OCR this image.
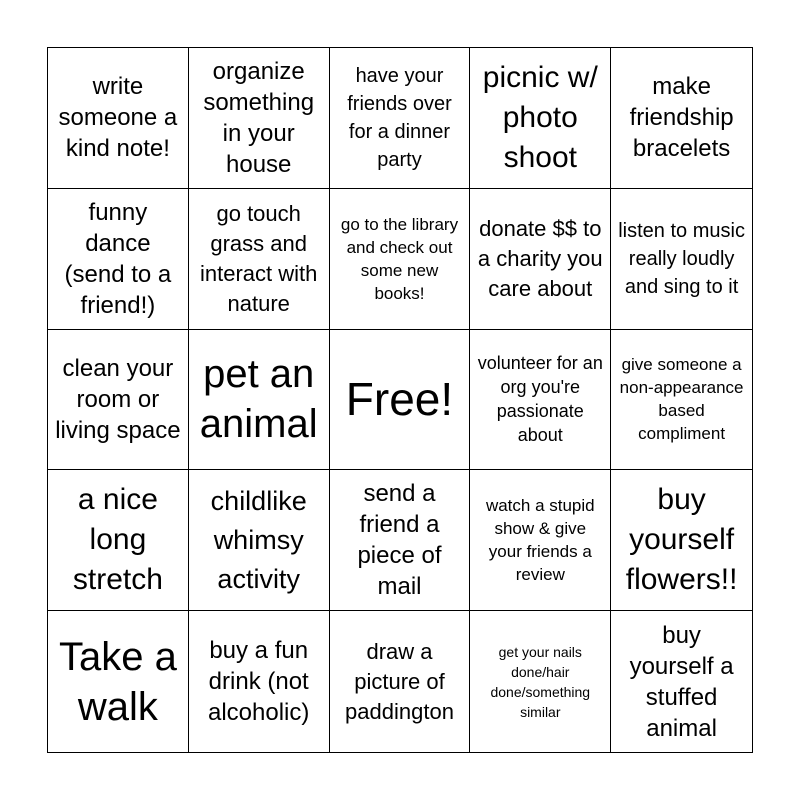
write someone a kind note!
organize something in your house
have your friends over for a dinner party
picnic w/ photo shoot
make friendship bracelets
funny dance (send to a friend!)
go touch grass and interact with nature
go to the library and check out some new books!
donate $$ to a charity you care about
listen to music really loudly and sing to it
clean your room or living space
pet an animal Free!
volunteer for an org you're passionate about
give someone a non-appearance based compliment
a nice long stretch
childlike whimsy activity
send a friend a piece of mail
watch a stupid show & give your friends a review
buy yourself flowers!!
Take a walk
buy a fun drink (not alcoholic)
draw a picture of paddington
get your nails done/hair done/something similar
buy yourself a stuffed animal
